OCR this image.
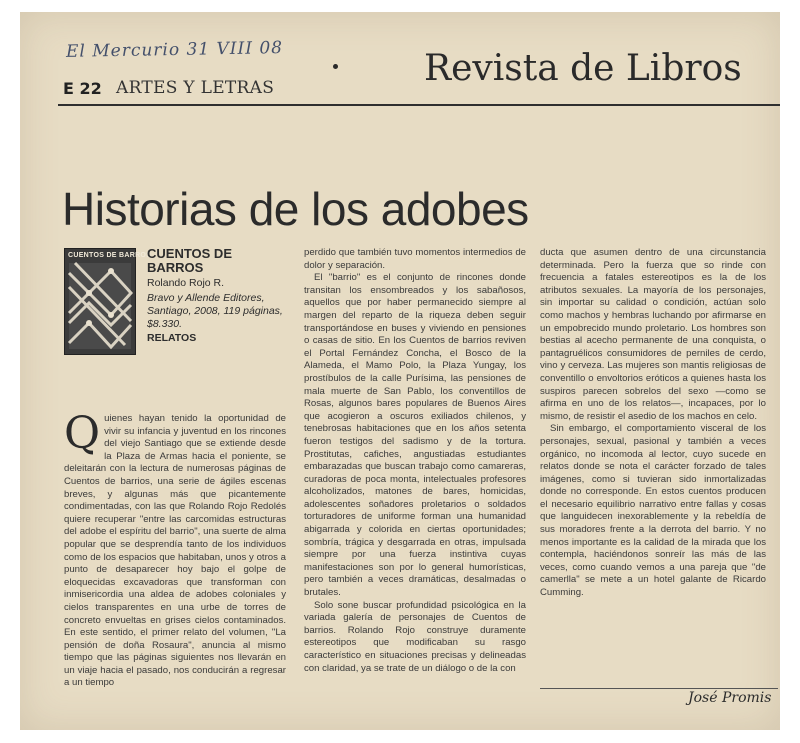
El Mercurio 31 VIII 08
E 22 ARTES Y LETRAS	Revista de Libros
Historias de los adobes
CUENTOS DE BARROS
CUENTOS DE BARROS
Rolando Rojo R.
Bravo y Allende Editores, Santiago, 2008, 119 páginas, $8.330.
RELATOS

Quienes hayan tenido la oportunidad de vivir su infancia y juventud en los rincones del viejo Santiago que se extiende desde la Plaza de Armas hacia el poniente, se deleitarán con la lectura de numerosas páginas de Cuentos de barrios, una serie de ágiles escenas breves, y algunas más que picantemente condimentadas, con las que Rolando Rojo Redolés quiere recuperar "entre las carcomidas estructuras del adobe el espíritu del barrio", una suerte de alma popular que se desprendía tanto de los individuos como de los espacios que habitaban, unos y otros a punto de desaparecer hoy bajo el golpe de eloquecidas excavadoras que transforman con inmisericordia una aldea de adobes coloniales y cielos transparentes en una urbe de torres de concreto envueltas en grises cielos contaminados. En este sentido, el primer relato del volumen, "La pensión de doña Rosaura", anuncia al mismo tiempo que las páginas siguientes nos llevarán en un viaje hacia el pasado, nos conducirán a regresar a un tiempo

perdido que también tuvo momentos intermedios de dolor y separación.

El "barrio" es el conjunto de rincones donde transitan los ensombreados y los sabañosos, aquellos que por haber permanecido siempre al margen del reparto de la riqueza deben seguir transportándose en buses y viviendo en pensiones o casas de sitio. En los Cuentos de barrios reviven el Portal Fernández Concha, el Bosco de la Alameda, el Mamo Polo, la Plaza Yungay, los prostíbulos de la calle Purísima, las pensiones de mala muerte de San Pablo, los conventillos de Rosas, algunos bares populares de Buenos Aires que acogieron a oscuros exiliados chilenos, y tenebrosas habitaciones que en los años setenta fueron testigos del sadismo y de la tortura. Prostitutas, cafiches, angustiadas estudiantes embarazadas que buscan trabajo como camareras, curadoras de poca monta, intelectuales profesores alcoholizados, matones de bares, homicidas, adolescentes soñadores proletarios o soldados torturadores de uniforme forman una humanidad abigarrada y colorida en ciertas oportunidades; sombría, trágica y desgarrada en otras, impulsada siempre por una fuerza instintiva cuyas manifestaciones son por lo general humorísticas, pero también a veces dramáticas, desalmadas o brutales.

Solo sone buscar profundidad psicológica en la variada galería de personajes de Cuentos de barrios. Rolando Rojo construye duramente estereotipos que modificaban su rasgo característico en situaciones precisas y delineadas con claridad, ya se trate de un diálogo o de la con

ducta que asumen dentro de una circunstancia determinada. Pero la fuerza que so rinde con frecuencia a fatales estereotipos es la de los atributos sexuales. La mayoría de los personajes, sin importar su calidad o condición, actúan solo como machos y hembras luchando por afirmarse en un empobrecido mundo proletario. Los hombres son bestias al acecho permanente de una conquista, o pantagruélicos consumidores de perniles de cerdo, vino y cerveza. Las mujeres son mantis religiosas de conventillo o envoltorios eróticos a quienes hasta los suspiros parecen sobrelos del sexo —como se afirma en uno de los relatos—, incapaces, por lo mismo, de resistir el asedio de los machos en celo.

Sin embargo, el comportamiento visceral de los personajes, sexual, pasional y también a veces orgánico, no incomoda al lector, cuyo sucede en relatos donde se nota el carácter forzado de tales imágenes, como si tuvieran sido inmortalizadas donde no corresponde. En estos cuentos producen el necesario equilibrio narrativo entre fallas y cosas que languidecen inexorablemente y la rebeldía de sus moradores frente a la derrota del barrio. Y no menos importante es la calidad de la mirada que los contempla, haciéndonos sonreír las más de las veces, como cuando vemos a una pareja que "de camerlla" se mete a un hotel galante de Ricardo Cumming.

José Promis
